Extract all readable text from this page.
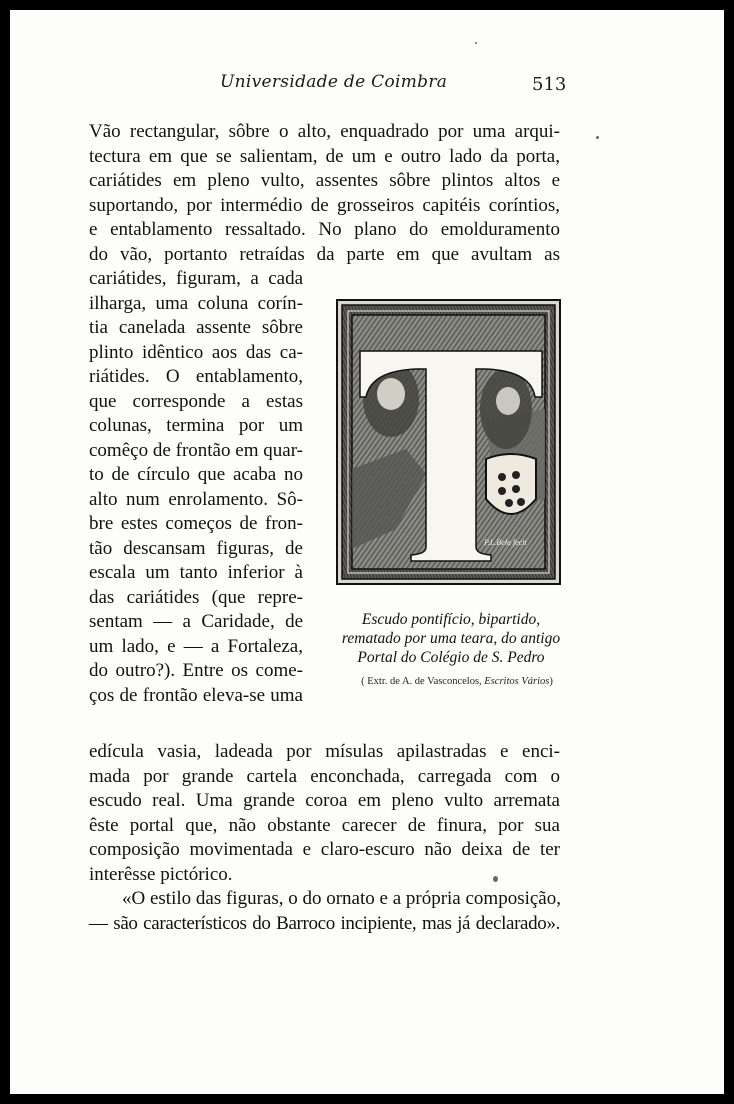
Universidade de Coimbra	513
Vão rectangular, sôbre o alto, enquadrado por uma arqui-
tectura em que se salientam, de um e outro lado da porta,
cariátides em pleno vulto, assentes sôbre plintos altos e
suportando, por intermédio de grosseiros capitéis coríntios,
e entablamento ressaltado. No plano do emolduramento
do vão, portanto retraídas da parte em que avultam as
cariátides, figuram, a cada
ilharga, uma coluna corín-
tia canelada assente sôbre
plinto idêntico aos das ca-
riátides. O entablamento,
que corresponde a estas
colunas, termina por um
comêço de frontão em quar-
to de círculo que acaba no
alto num enrolamento. Sô-
bre estes começos de fron-
tão descansam figuras, de
escala um tanto inferior à
das cariátides (que repre-
sentam — a Caridade, de
um lado, e — a Fortaleza,
do outro?). Entre os come-
ços de frontão eleva-se uma
P.L.Bela fecit
Escudo pontifício, bipartido,
rematado por uma teara, do antigo
Portal do Colégio de S. Pedro
( Extr. de A. de Vasconcelos, Escritos Vários)
edícula vasia, ladeada por mísulas apilastradas e enci-
mada por grande cartela enconchada, carregada com o
escudo real. Uma grande coroa em pleno vulto arremata
êste portal que, não obstante carecer de finura, por sua
composição movimentada e claro-escuro não deixa de ter
interêsse pictórico.
«O estilo das figuras, o do ornato e a própria composição,
— são característicos do Barroco incipiente, mas já declarado».
